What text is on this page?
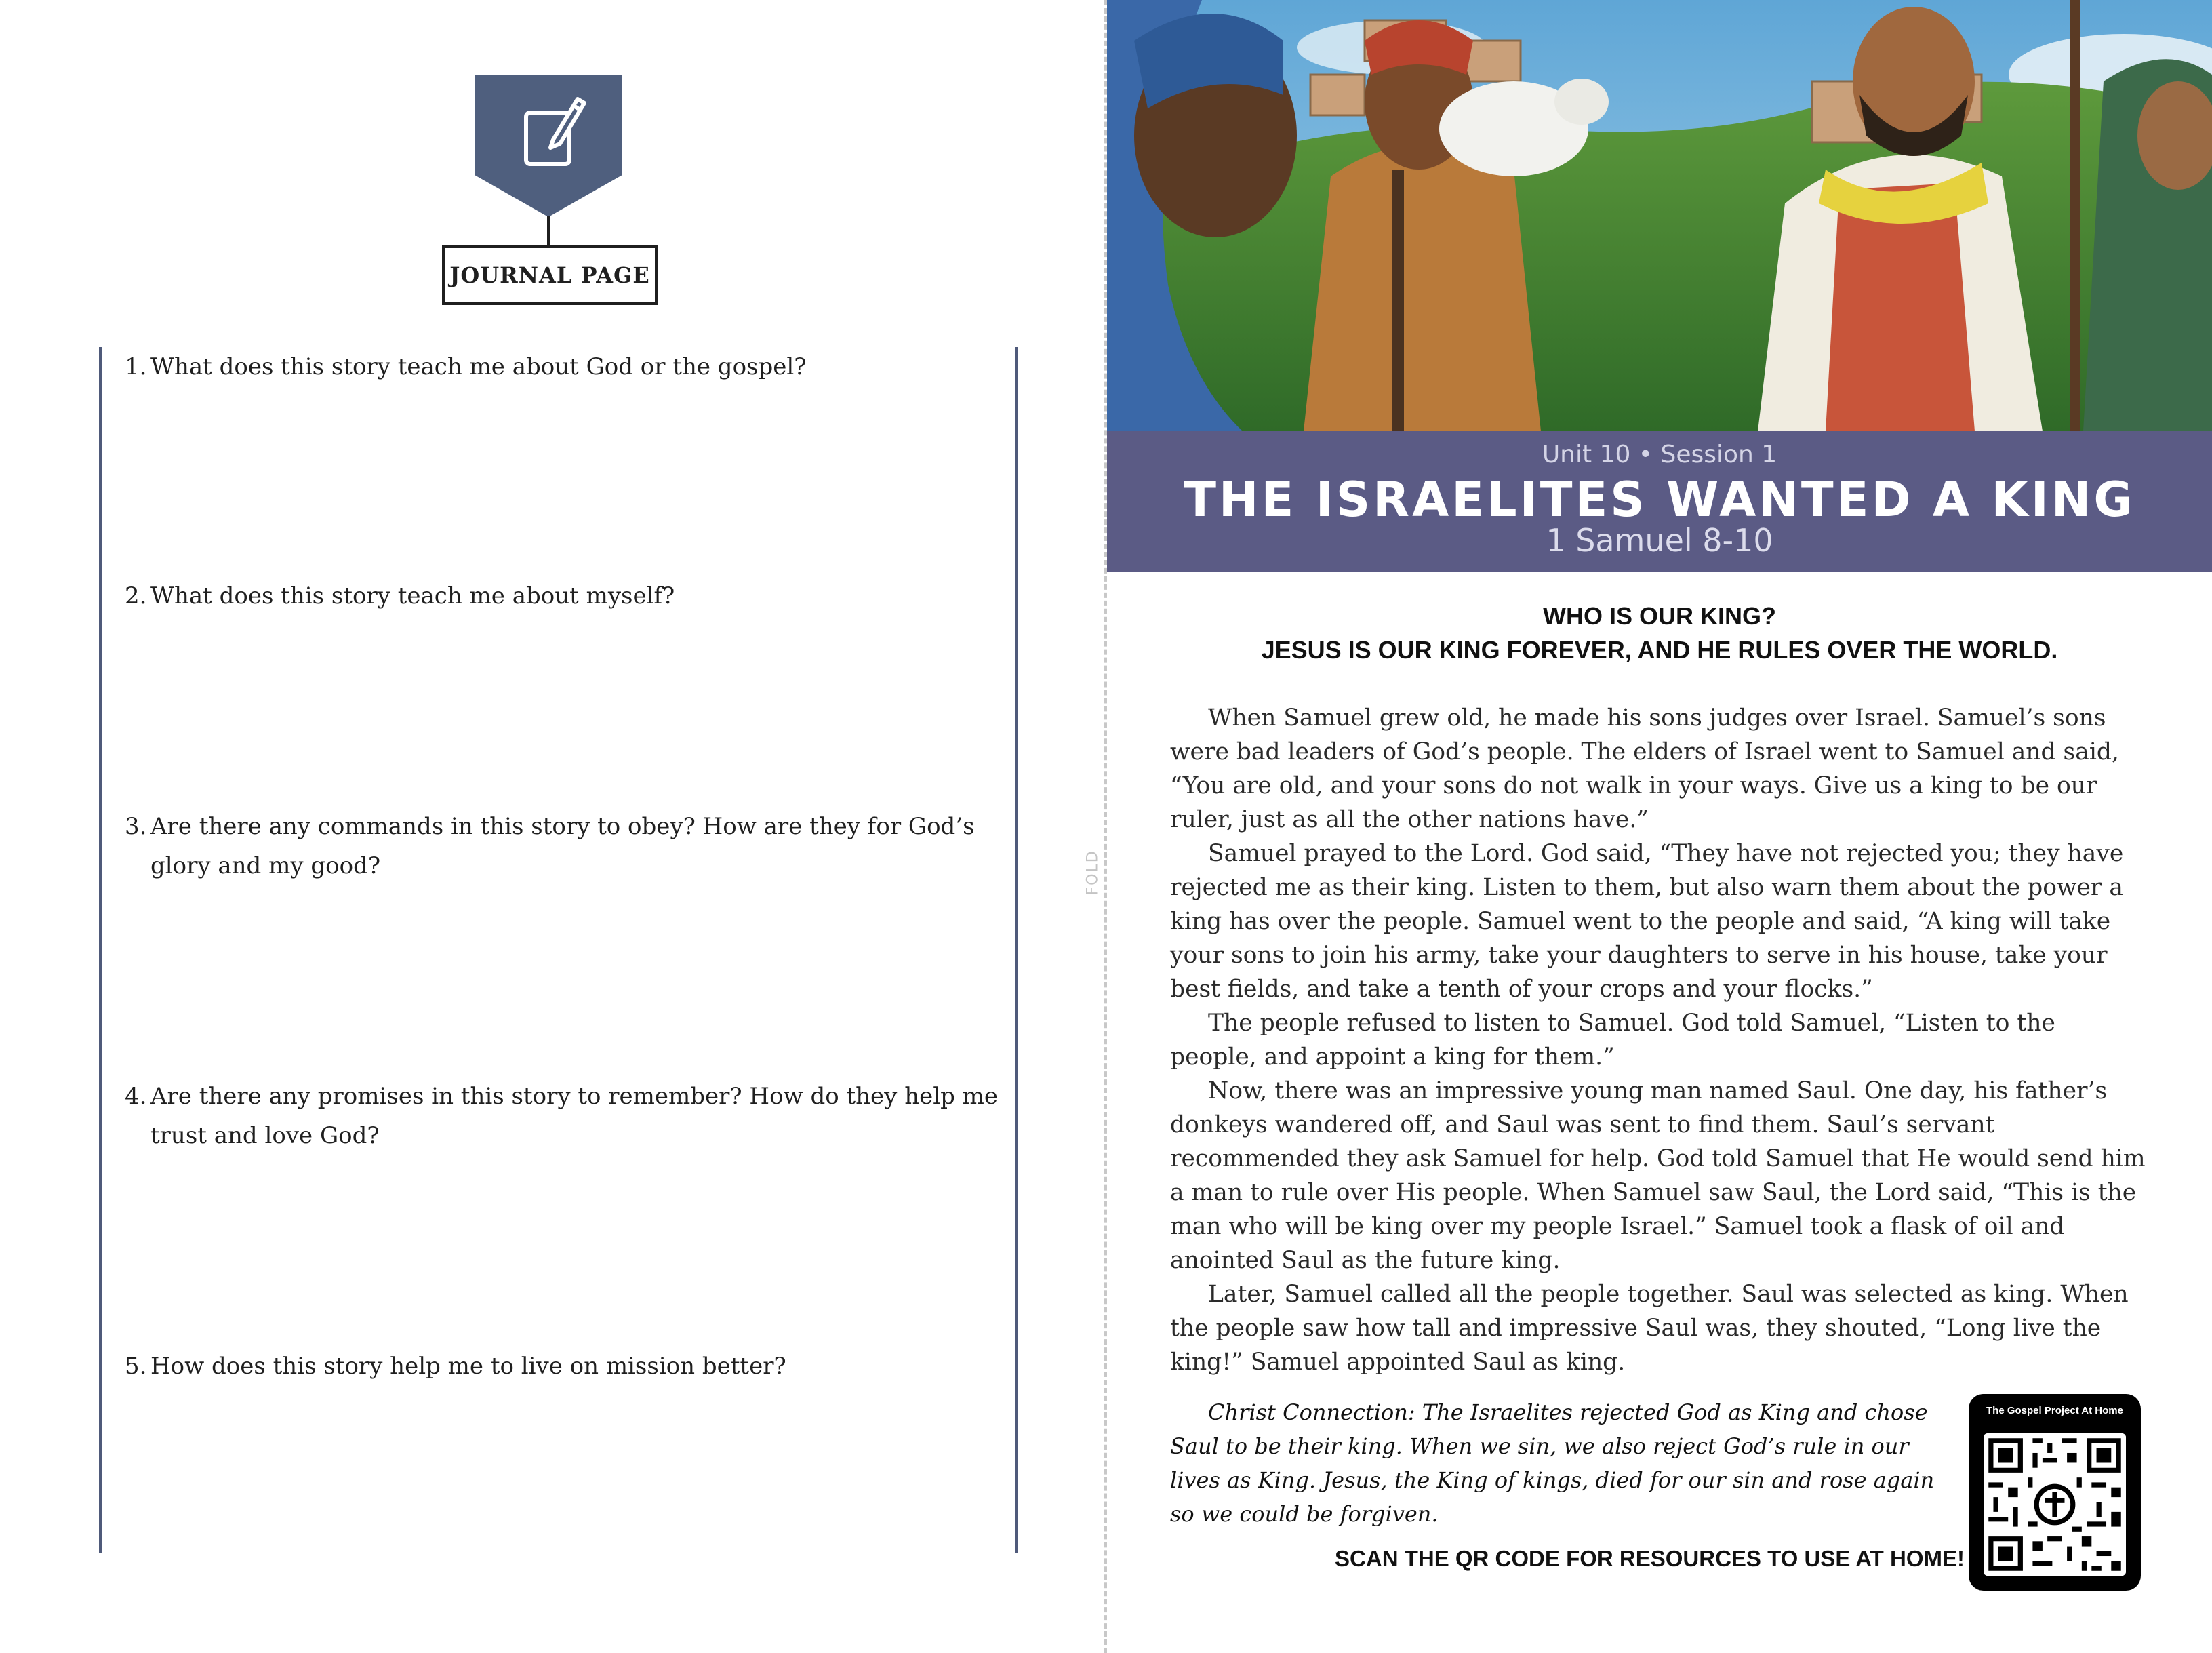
JOURNAL PAGE
1. What does this story teach me about God or the gospel?
2. What does this story teach me about myself?
3. Are there any commands in this story to obey? How are they for God’s glory and my good?
4. Are there any promises in this story to remember? How do they help me trust and love God?
5. How does this story help me to live on mission better?
FOLD
Unit 10 • Session 1
THE ISRAELITES WANTED A KING
1 Samuel 8-10
WHO IS OUR KING?
JESUS IS OUR KING FOREVER, AND HE RULES OVER THE WORLD.

When Samuel grew old, he made his sons judges over Israel. Samuel’s sons were bad leaders of God’s people. The elders of Israel went to Samuel and said, “You are old, and your sons do not walk in your ways. Give us a king to be our ruler, just as all the other nations have.”

Samuel prayed to the Lord. God said, “They have not rejected you; they have rejected me as their king. Listen to them, but also warn them about the power a king has over the people. Samuel went to the people and said, “A king will take your sons to join his army, take your daughters to serve in his house, take your best fields, and take a tenth of your crops and your flocks.”

The people refused to listen to Samuel. God told Samuel, “Listen to the people, and appoint a king for them.”

Now, there was an impressive young man named Saul. One day, his father’s donkeys wandered off, and Saul was sent to find them. Saul’s servant recommended they ask Samuel for help. God told Samuel that He would send him a man to rule over His people. When Samuel saw Saul, the Lord said, “This is the man who will be king over my people Israel.” Samuel took a flask of oil and anointed Saul as the future king.

Later, Samuel called all the people together. Saul was selected as king. When the people saw how tall and impressive Saul was, they shouted, “Long live the king!” Samuel appointed Saul as king.

Christ Connection: The Israelites rejected God as King and chose Saul to be their king. When we sin, we also reject God’s rule in our lives as King. Jesus, the King of kings, died for our sin and rose again so we could be forgiven.
SCAN THE QR CODE FOR RESOURCES TO USE AT HOME!
The Gospel Project At Home
